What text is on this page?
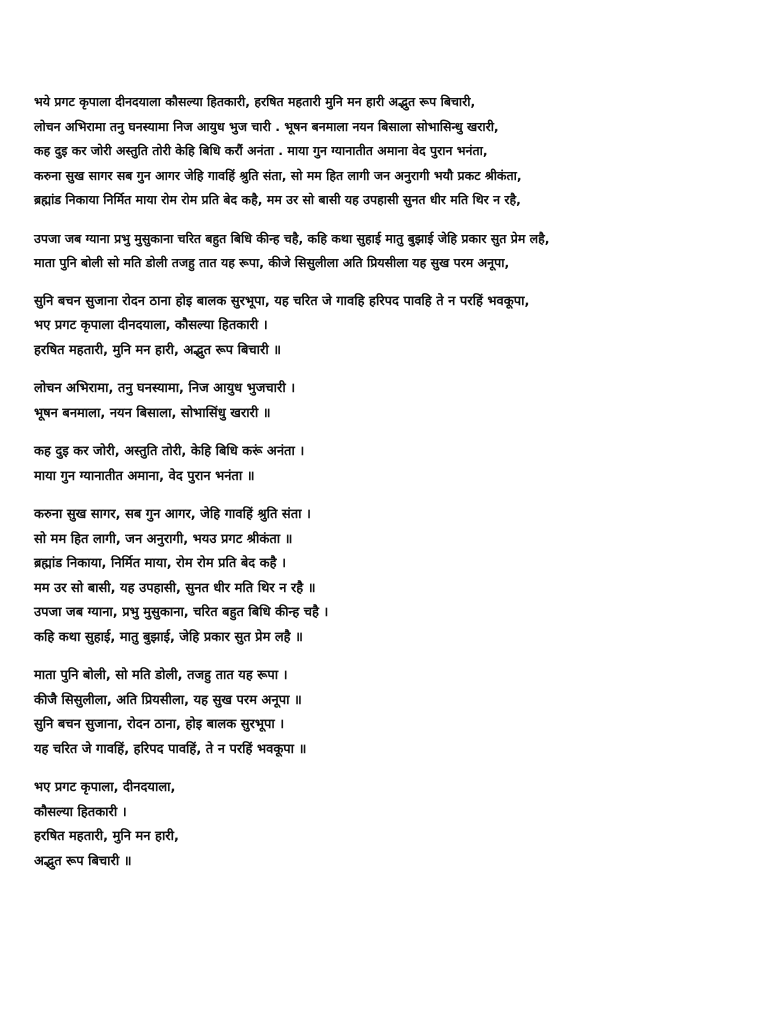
भये प्रगट कृपाला दीनदयाला कौसल्या हितकारी, हरषित महतारी मुनि मन हारी अद्भुत रूप बिचारी,
लोचन अभिरामा तनु घनस्यामा निज आयुध भुज चारी . भूषन बनमाला नयन बिसाला सोभासिन्धु खरारी,
कह दुइ कर जोरी अस्तुति तोरी केहि बिधि करौं अनंता . माया गुन ग्यानातीत अमाना वेद पुरान भनंता,
करुना सुख सागर सब गुन आगर जेहि गावहिं श्रुति संता, सो मम हित लागी जन अनुरागी भयौ प्रकट श्रीकंता,
ब्रह्मांड निकाया निर्मित माया रोम रोम प्रति बेद कहै, मम उर सो बासी यह उपहासी सुनत धीर मति थिर न रहै,
उपजा जब ग्याना प्रभु मुसुकाना चरित बहुत बिधि कीन्ह चहै, कहि कथा सुहाई मातु बुझाई जेहि प्रकार सुत प्रेम लहै,
माता पुनि बोली सो मति डोली तजहु तात यह रूपा, कीजे सिसुलीला अति प्रियसीला यह सुख परम अनूपा,
सुनि बचन सुजाना रोदन ठाना होइ बालक सुरभूपा, यह चरित जे गावहि हरिपद पावहि ते न परहिं भवकूपा,
भए प्रगट कृपाला दीनदयाला, कौसल्या हितकारी ।
हरषित महतारी, मुनि मन हारी, अद्भुत रूप बिचारी ॥
लोचन अभिरामा, तनु घनस्यामा, निज आयुध भुजचारी ।
भूषन बनमाला, नयन बिसाला, सोभासिंधु खरारी ॥
कह दुइ कर जोरी, अस्तुति तोरी, केहि बिधि करूं अनंता ।
माया गुन ग्यानातीत अमाना, वेद पुरान भनंता ॥
करुना सुख सागर, सब गुन आगर, जेहि गावहिं श्रुति संता ।
सो मम हित लागी, जन अनुरागी, भयउ प्रगट श्रीकंता ॥
ब्रह्मांड निकाया, निर्मित माया, रोम रोम प्रति बेद कहै ।
मम उर सो बासी, यह उपहासी, सुनत धीर मति थिर न रहै ॥
उपजा जब ग्याना, प्रभु मुसुकाना, चरित बहुत बिधि कीन्ह चहै ।
कहि कथा सुहाई, मातु बुझाई, जेहि प्रकार सुत प्रेम लहै ॥
माता पुनि बोली, सो मति डोली, तजहु तात यह रूपा ।
कीजै सिसुलीला, अति प्रियसीला, यह सुख परम अनूपा ॥
सुनि बचन सुजाना, रोदन ठाना, होइ बालक सुरभूपा ।
यह चरित जे गावहिं, हरिपद पावहिं, ते न परहिं भवकूपा ॥
भए प्रगट कृपाला, दीनदयाला,
कौसल्या हितकारी ।
हरषित महतारी, मुनि मन हारी,
अद्भुत रूप बिचारी ॥
